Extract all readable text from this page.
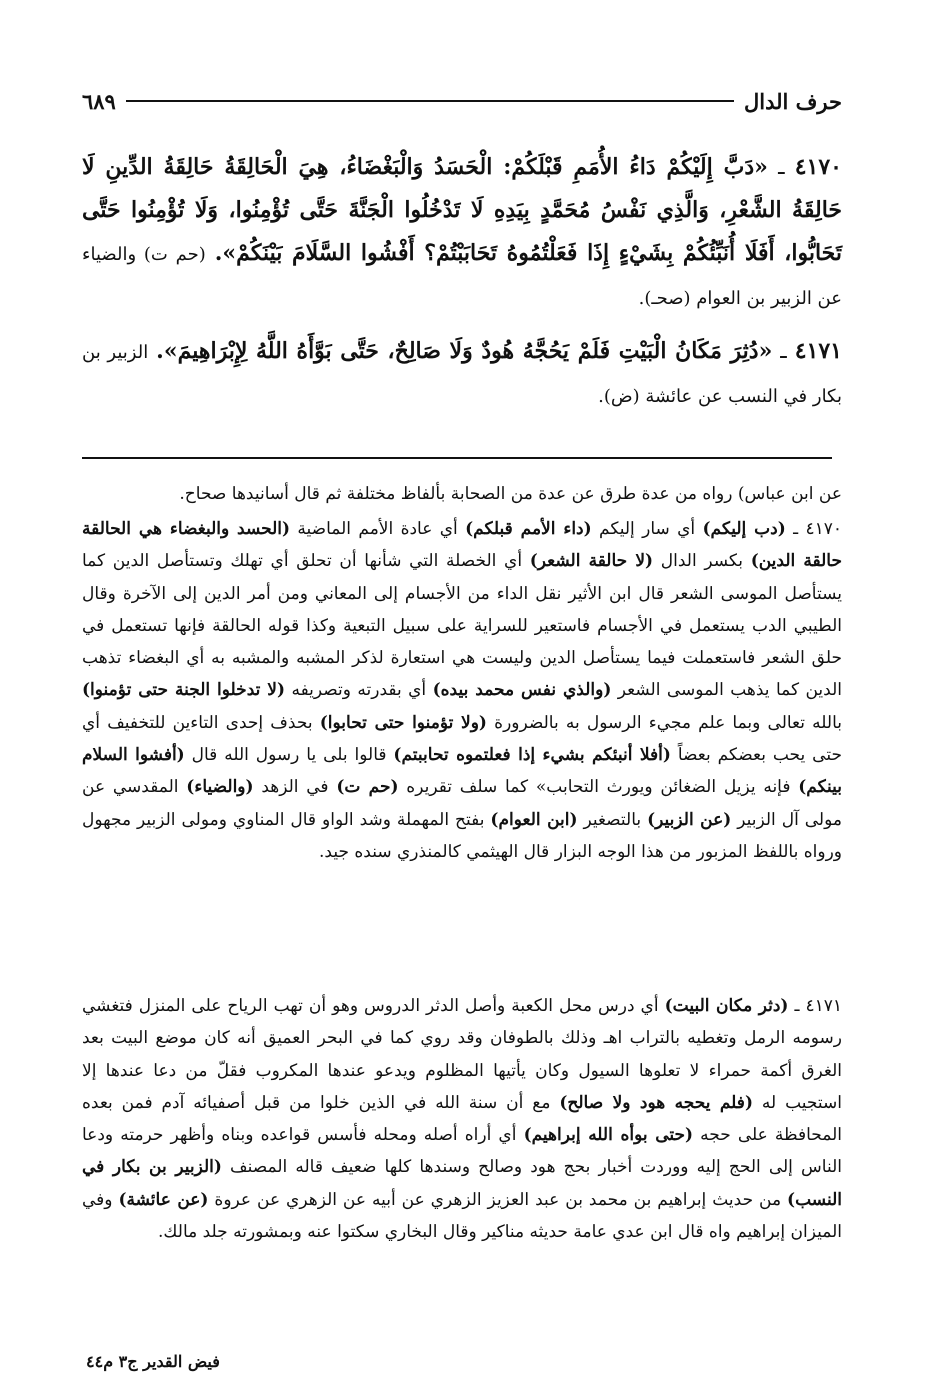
حرف الدال
٦٨٩
٤١٧٠ ـ «دَبَّ إِلَيْكُمْ دَاءُ الأُمَمِ قَبْلَكُمْ: الْحَسَدُ وَالْبَغْضَاءُ، هِيَ الْحَالِقَةُ حَالِقَةُ الدِّينِ لَا حَالِقَةُ الشَّعْرِ، وَالَّذِي نَفْسُ مُحَمَّدٍ بِيَدِهِ لَا تَدْخُلُوا الْجَنَّةَ حَتَّى تُؤْمِنُوا، وَلَا تُؤْمِنُوا حَتَّى تَحَابُّوا، أَفَلَا أُنَبِّئُكُمْ بِشَيْءٍ إِذَا فَعَلْتُمُوهُ تَحَابَبْتُمْ؟ أَفْشُوا السَّلَامَ بَيْنَكُمْ». (حم ت) والضياء عن الزبير بن العوام (صحـ).
٤١٧١ ـ «دُثِرَ مَكَانُ الْبَيْتِ فَلَمْ يَحُجَّهُ هُودٌ وَلَا صَالِحٌ، حَتَّى بَوَّأَهُ اللَّهُ لِإِبْرَاهِيمَ». الزبير بن بكار في النسب عن عائشة (ض).
عن ابن عباس) رواه من عدة طرق عن عدة من الصحابة بألفاظ مختلفة ثم قال أسانيدها صحاح.
٤١٧٠ ـ (دب إليكم) أي سار إليكم (داء الأمم قبلكم) أي عادة الأمم الماضية (الحسد والبغضاء هي الحالقة حالقة الدين) بكسر الدال (لا حالقة الشعر) أي الخصلة التي شأنها أن تحلق أي تهلك وتستأصل الدين كما يستأصل الموسى الشعر قال ابن الأثير نقل الداء من الأجسام إلى المعاني ومن أمر الدين إلى الآخرة وقال الطيبي الدب يستعمل في الأجسام فاستعير للسراية على سبيل التبعية وكذا قوله الحالقة فإنها تستعمل في حلق الشعر فاستعملت فيما يستأصل الدين وليست هي استعارة لذكر المشبه والمشبه به أي البغضاء تذهب الدين كما يذهب الموسى الشعر (والذي نفس محمد بيده) أي بقدرته وتصريفه (لا تدخلوا الجنة حتى تؤمنوا) بالله تعالى وبما علم مجيء الرسول به بالضرورة (ولا تؤمنوا حتى تحابوا) بحذف إحدى التاءين للتخفيف أي حتى يحب بعضكم بعضاً (أفلا أنبئكم بشيء إذا فعلتموه تحاببتم) قالوا بلى يا رسول الله قال (أفشوا السلام بينكم) فإنه يزيل الضغائن ويورث التحابب» كما سلف تقريره (حم ت) في الزهد (والضياء) المقدسي عن مولى آل الزبير (عن الزبير) بالتصغير (ابن العوام) بفتح المهملة وشد الواو قال المناوي ومولى الزبير مجهول ورواه باللفظ المزبور من هذا الوجه البزار قال الهيثمي كالمنذري سنده جيد.
٤١٧١ ـ (دثر مكان البيت) أي درس محل الكعبة وأصل الدثر الدروس وهو أن تهب الرياح على المنزل فتغشي رسومه الرمل وتغطيه بالتراب اهـ وذلك بالطوفان وقد روي كما في البحر العميق أنه كان موضع البيت بعد الغرق أكمة حمراء لا تعلوها السيول وكان يأتيها المظلوم ويدعو عندها المكروب فقلّ من دعا عندها إلا استجيب له (فلم يحجه هود ولا صالح) مع أن سنة الله في الذين خلوا من قبل أصفيائه آدم فمن بعده المحافظة على حجه (حتى بوأه الله إبراهيم) أي أراه أصله ومحله فأسس قواعده وبناه وأظهر حرمته ودعا الناس إلى الحج إليه ووردت أخبار بحج هود وصالح وسندها كلها ضعيف قاله المصنف (الزبير بن بكار في النسب) من حديث إبراهيم بن محمد بن عبد العزيز الزهري عن أبيه عن الزهري عن عروة (عن عائشة) وفي الميزان إبراهيم واه قال ابن عدي عامة حديثه مناكير وقال البخاري سكتوا عنه وبمشورته جلد مالك.
فيض القدير ج٣ م٤٤
